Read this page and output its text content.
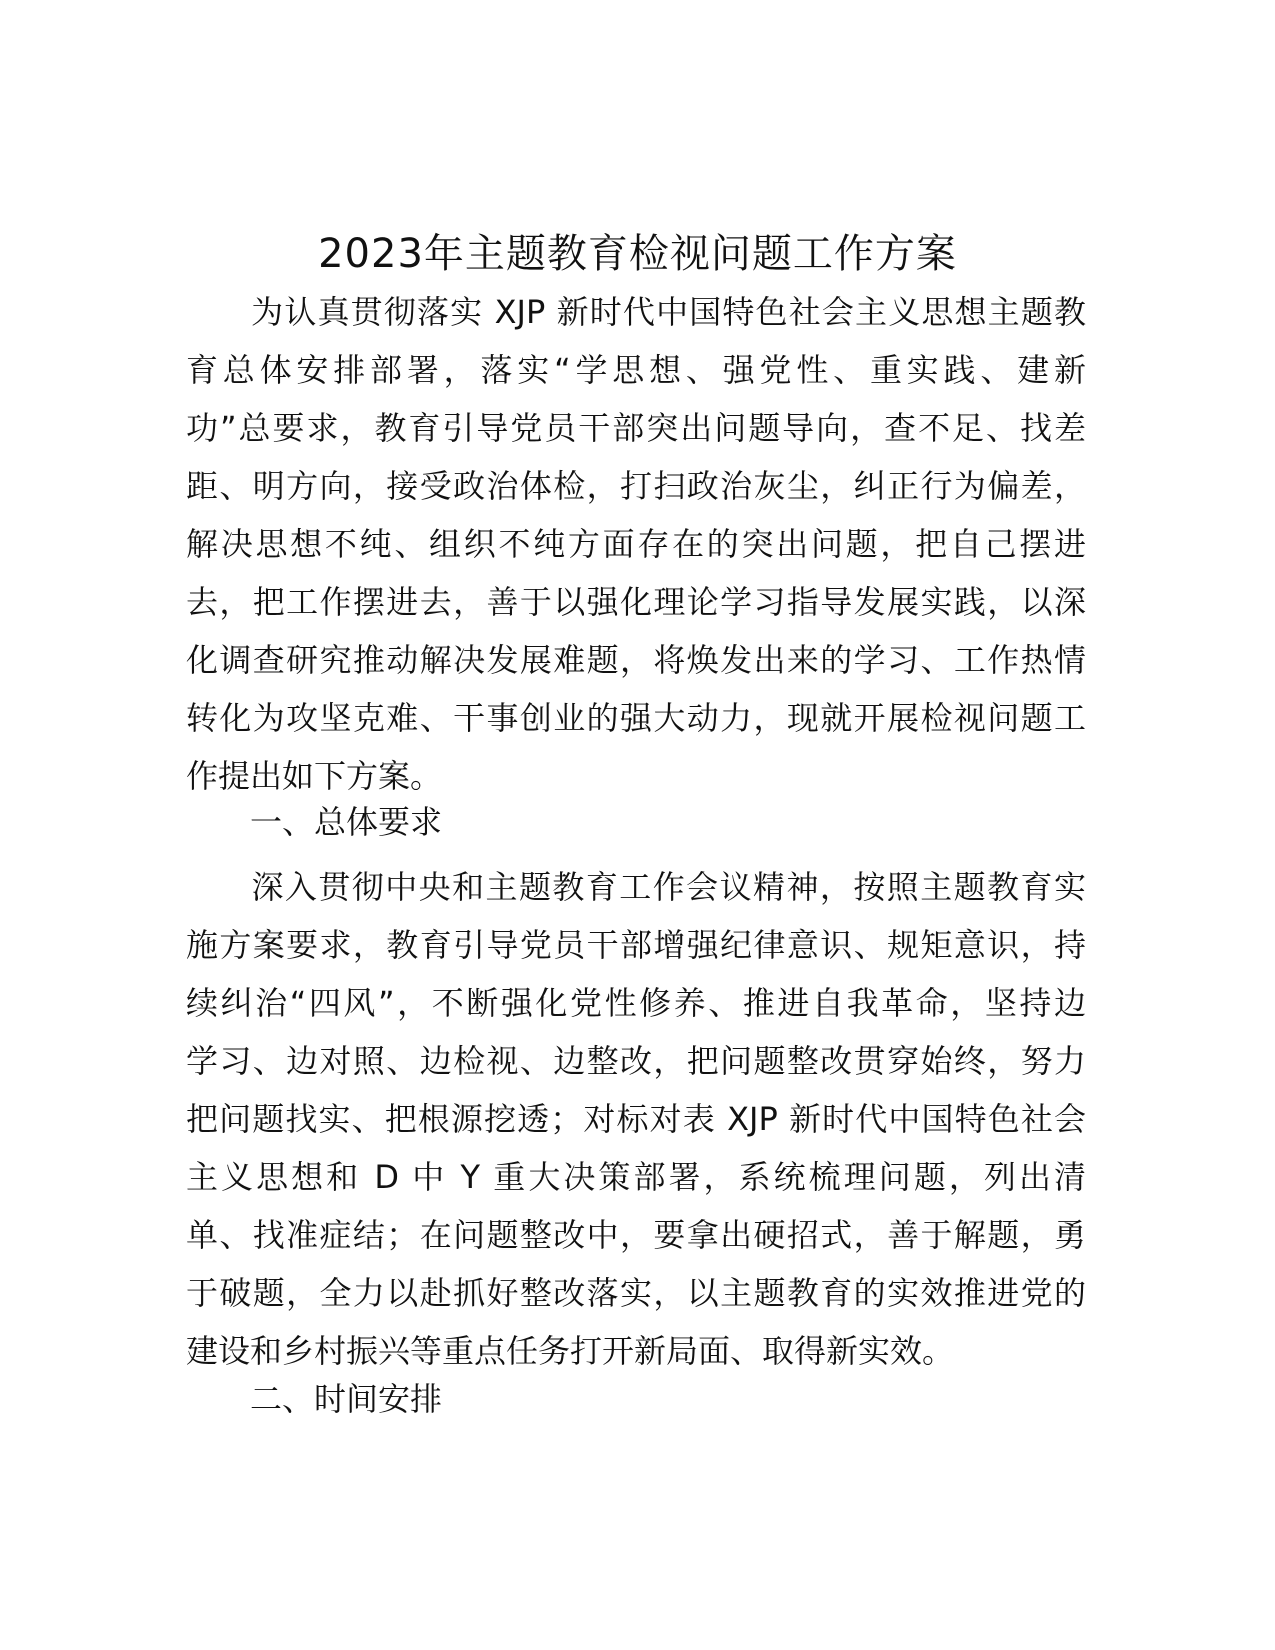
2023年主题教育检视问题工作方案

为认真贯彻落实 XJP 新时代中国特色社会主义思想主题教
育总体安排部署，落实“学思想、强党性、重实践、建新
功”总要求，教育引导党员干部突出问题导向，查不足、找差
距、明方向，接受政治体检，打扫政治灰尘，纠正行为偏差，
解决思想不纯、组织不纯方面存在的突出问题，把自己摆进
去，把工作摆进去，善于以强化理论学习指导发展实践，以深
化调查研究推动解决发展难题，将焕发出来的学习、工作热情
转化为攻坚克难、干事创业的强大动力，现就开展检视问题工
作提出如下方案。

一、总体要求

深入贯彻中央和主题教育工作会议精神，按照主题教育实
施方案要求，教育引导党员干部增强纪律意识、规矩意识，持
续纠治“四风”，不断强化党性修养、推进自我革命，坚持边
学习、边对照、边检视、边整改，把问题整改贯穿始终，努力
把问题找实、把根源挖透；对标对表 XJP 新时代中国特色社会
主义思想和 D 中 Y 重大决策部署，系统梳理问题，列出清
单、找准症结；在问题整改中，要拿出硬招式，善于解题，勇
于破题，全力以赴抓好整改落实，以主题教育的实效推进党的
建设和乡村振兴等重点任务打开新局面、取得新实效。

二、时间安排
